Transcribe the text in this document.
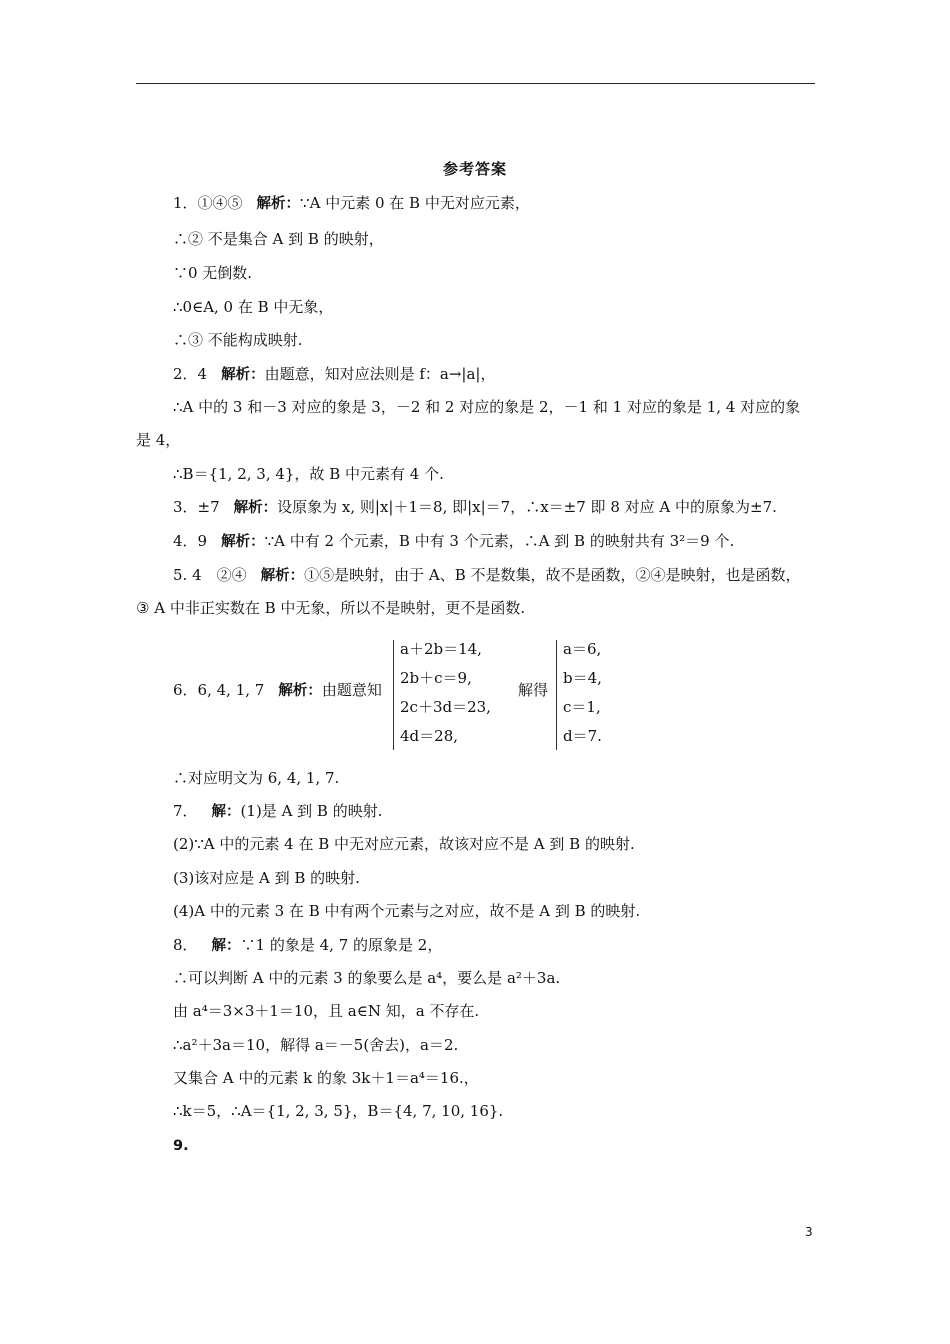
参考答案
1．①④⑤ 解析：∵A 中元素 0 在 B 中无对应元素，
∴② 不是集合 A 到 B 的映射，
∵0 无倒数.
∴0∈A, 0 在 B 中无象，
∴③ 不能构成映射.
2．4 解析：由题意，知对应法则是 f：a→|a|，
∴A 中的 3 和－3 对应的象是 3，－2 和 2 对应的象是 2，－1 和 1 对应的象是 1, 4 对应的象
是 4，
∴B＝{1, 2, 3, 4}，故 B 中元素有 4 个.
3．±7 解析：设原象为 x, 则|x|＋1＝8, 即|x|＝7，∴x＝±7 即 8 对应 A 中的原象为±7.
4．9 解析：∵A 中有 2 个元素，B 中有 3 个元素，∴A 到 B 的映射共有 3²＝9 个.
5. 4　②④ 解析：①⑤是映射，由于 A、B 不是数集，故不是函数，②④是映射，也是函数，
③ A 中非正实数在 B 中无象，所以不是映射，更不是函数.
6．6, 4, 1, 7 解析：由题意知
∴对应明文为 6, 4, 1, 7.
7． 解：(1)是 A 到 B 的映射.
(2)∵A 中的元素 4 在 B 中无对应元素，故该对应不是 A 到 B 的映射.
(3)该对应是 A 到 B 的映射.
(4)A 中的元素 3 在 B 中有两个元素与之对应，故不是 A 到 B 的映射.
8． 解：∵1 的象是 4, 7 的原象是 2，
∴可以判断 A 中的元素 3 的象要么是 a⁴，要么是 a²＋3a.
由 a⁴＝3×3＋1＝10，且 a∈N 知，a 不存在.
∴a²＋3a＝10，解得 a＝－5(舍去)，a＝2.
又集合 A 中的元素 k 的象 3k＋1＝a⁴＝16.，
∴k＝5，∴A＝{1, 2, 3, 5}，B＝{4, 7, 10, 16}.
9.
a＋2b＝14,
2b＋c＝9,
2c＋3d＝23,
4d＝28,
解得
a＝6,
b＝4,
c＝1,
d＝7.
3
